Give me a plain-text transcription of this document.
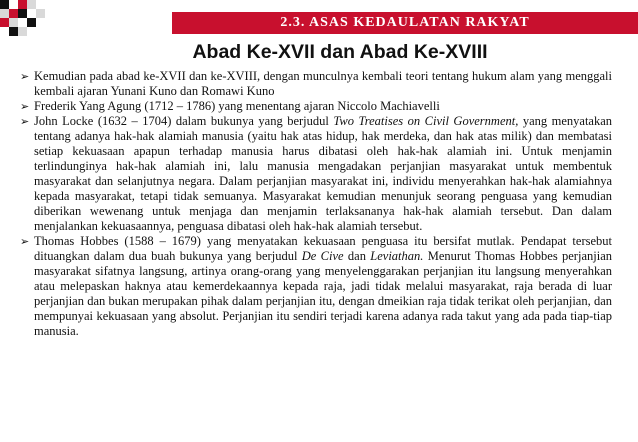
2.3. ASAS KEDAULATAN RAKYAT
Abad Ke-XVII dan Abad Ke-XVIII
➢ Kemudian pada abad ke-XVII dan ke-XVIII, dengan munculnya kembali teori tentang hukum alam yang menggali kembali ajaran Yunani Kuno dan Romawi Kuno
➢ Frederik Yang Agung (1712 – 1786) yang menentang ajaran Niccolo Machiavelli
➢ John Locke (1632 – 1704) dalam bukunya yang berjudul Two Treatises on Civil Government, yang menyatakan tentang adanya hak-hak alamiah manusia (yaitu hak atas hidup, hak merdeka, dan hak atas milik) dan membatasi setiap kekuasaan apapun terhadap manusia harus dibatasi oleh hak-hak alamiah ini. Untuk menjamin terlindunginya hak-hak alamiah ini, lalu manusia mengadakan perjanjian masyarakat untuk membentuk masyarakat dan selanjutnya negara. Dalam perjanjian masyarakat ini, individu menyerahkan hak-hak alamiahnya kepada masyarakat, tetapi tidak semuanya. Masyarakat kemudian menunjuk seorang penguasa yang kemudian diberikan wewenang untuk menjaga dan menjamin terlaksananya hak-hak alamiah tersebut. Dan dalam menjalankan kekuasaannya, penguasa dibatasi oleh hak-hak alamiah tersebut.
➢ Thomas Hobbes (1588 – 1679) yang menyatakan kekuasaan penguasa itu bersifat mutlak. Pendapat tersebut dituangkan dalam dua buah bukunya yang berjudul De Cive dan Leviathan. Menurut Thomas Hobbes perjanjian masyarakat sifatnya langsung, artinya orang-orang yang menyelenggarakan perjanjian itu langsung menyerahkan atau melepaskan haknya atau kemerdekaannya kepada raja, jadi tidak melalui masyarakat, raja berada di luar perjanjian dan bukan merupakan pihak dalam perjanjian itu, dengan dmeikian raja tidak terikat oleh perjanjian, dan mempunyai kekuasaan yang absolut. Perjanjian itu sendiri terjadi karena adanya rada takut yang ada pada tiap-tiap manusia.
